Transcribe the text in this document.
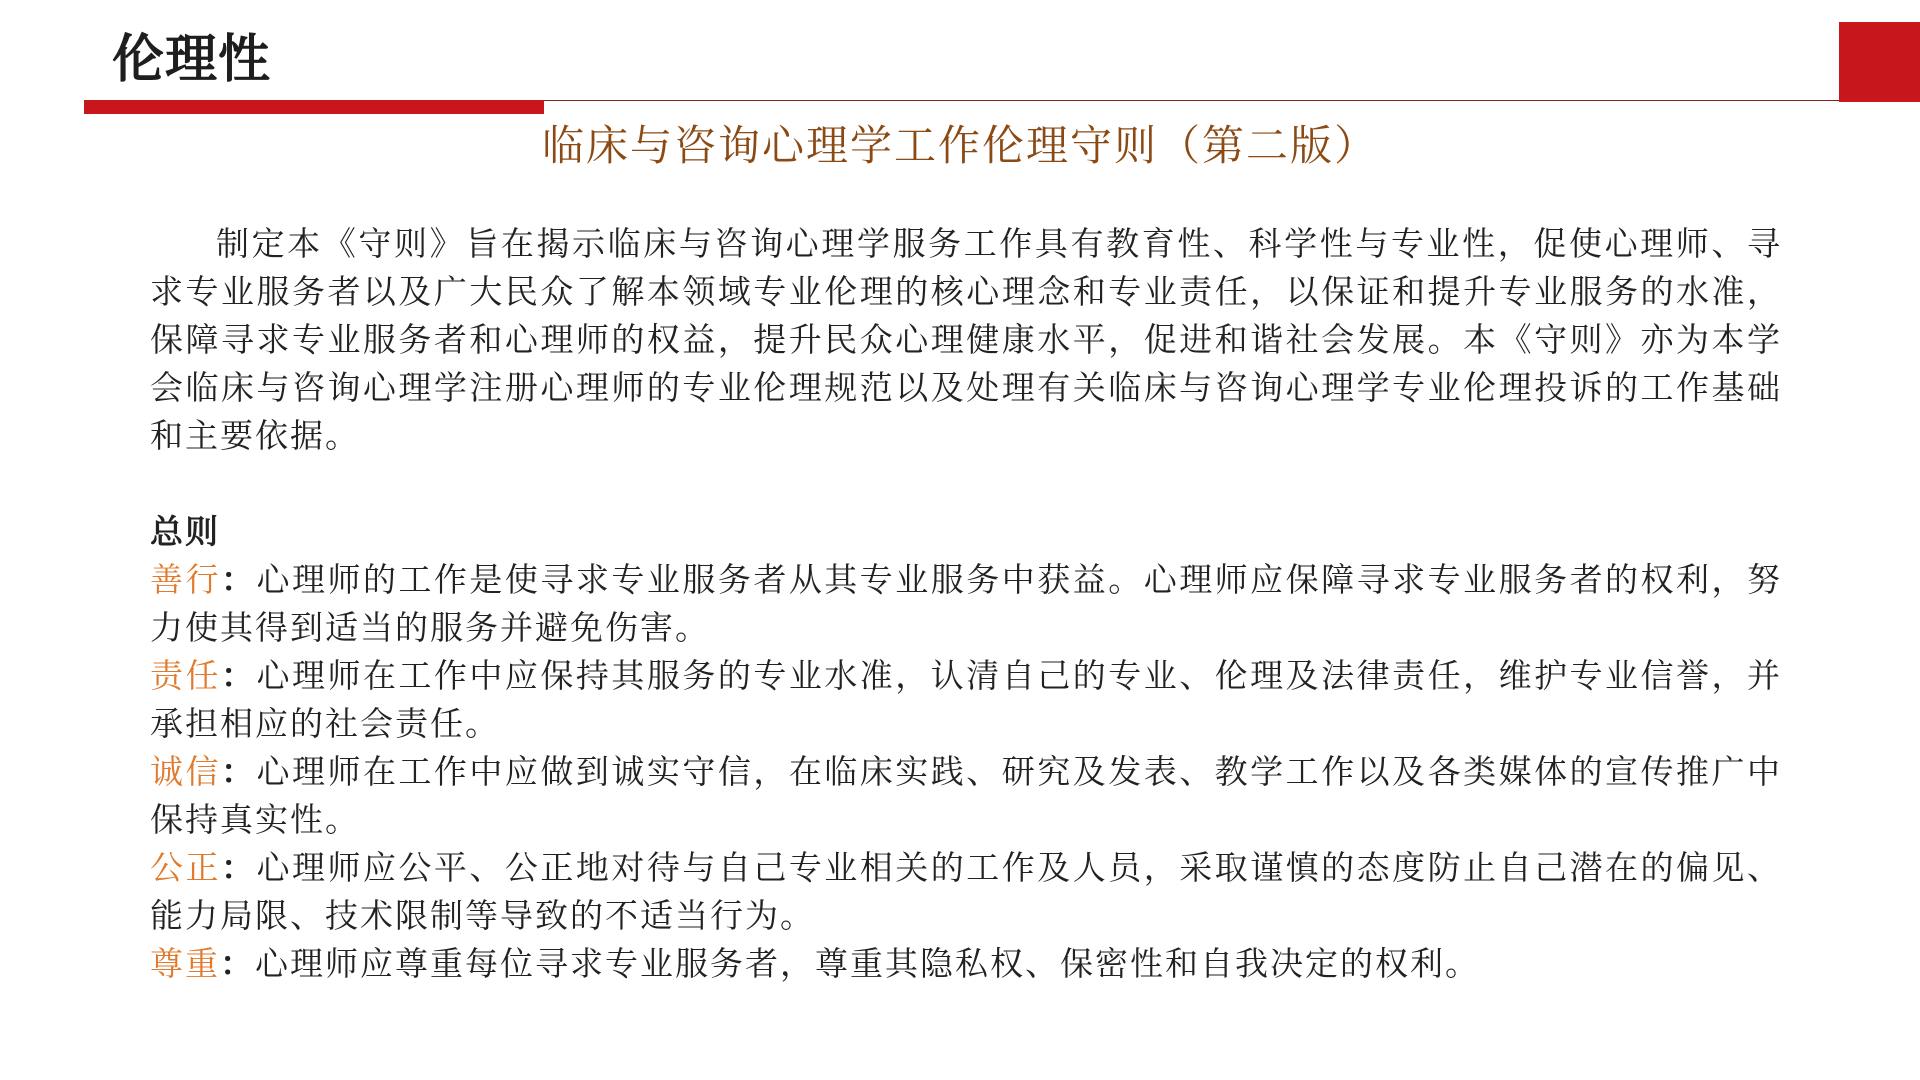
伦理性
临床与咨询心理学工作伦理守则（第二版）

制定本《守则》旨在揭示临床与咨询心理学服务工作具有教育性、科学性与专业性，促使心理师、寻求专业服务者以及广大民众了解本领域专业伦理的核心理念和专业责任，以保证和提升专业服务的水准，保障寻求专业服务者和心理师的权益，提升民众心理健康水平，促进和谐社会发展。本《守则》亦为本学会临床与咨询心理学注册心理师的专业伦理规范以及处理有关临床与咨询心理学专业伦理投诉的工作基础和主要依据。

总则

善行：心理师的工作是使寻求专业服务者从其专业服务中获益。心理师应保障寻求专业服务者的权利，努力使其得到适当的服务并避免伤害。

责任：心理师在工作中应保持其服务的专业水准，认清自己的专业、伦理及法律责任，维护专业信誉，并承担相应的社会责任。

诚信：心理师在工作中应做到诚实守信，在临床实践、研究及发表、教学工作以及各类媒体的宣传推广中保持真实性。

公正：心理师应公平、公正地对待与自己专业相关的工作及人员，采取谨慎的态度防止自己潜在的偏见、能力局限、技术限制等导致的不适当行为。

尊重：心理师应尊重每位寻求专业服务者，尊重其隐私权、保密性和自我决定的权利。
